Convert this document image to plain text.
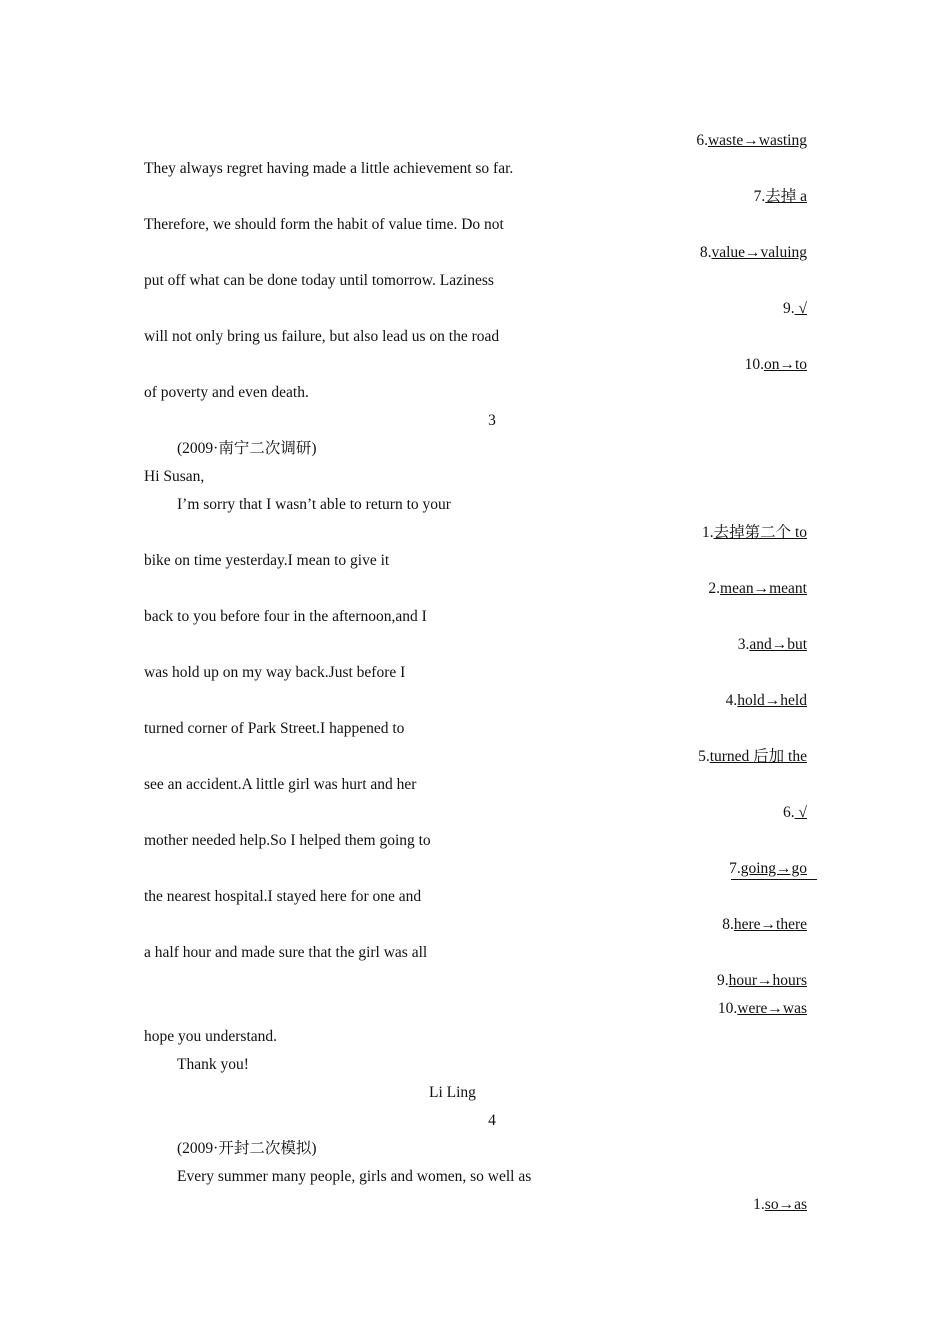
6.waste→wasting
They always regret having made a little achievement so far.
7.去掉 a
Therefore, we should form the habit of value time. Do not
8.value→valuing
put off what can be done today until tomorrow. Laziness
9. √
will not only bring us failure, but also lead us on the road
10.on→to
of poverty and even death.
3
(2009·南宁二次调研)
Hi Susan,
I’m sorry that I wasn’t able to return to your
1.去掉第二个 to
bike on time yesterday.I mean to give it
2.mean→meant
back to you before four in the afternoon,and I
3.and→but
was hold up on my way back.Just before I
4.hold→held
turned corner of Park Street.I happened to
5.turned 后加 the
see an accident.A little girl was hurt and her
6. √
mother needed help.So I helped them going to
7.going→go
the nearest hospital.I stayed here for one and
8.here→there
a half hour and made sure that the girl was all
9.hour→hours
10.were→was
hope you understand.
Thank you!
Li Ling
4
(2009·开封二次模拟)
Every summer many people, girls and women, so well as
1.so→as
